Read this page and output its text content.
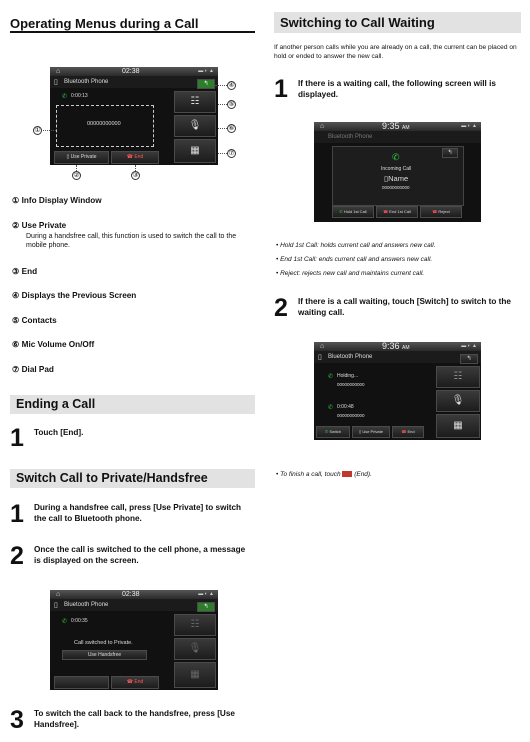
Operating Menus during a Call
⌂	02:38	▬ ◐ ▲
Bluetooth Phone
▯
✆ 0:00:13
00000000000
▯ Use Private	☎ End
↰
☷
🎙
▦
①
②	③
④
⑤
⑥
⑦
① Info Display Window
② Use Private
During a handsfree call, this function is used to switch the call to the mobile phone.
③ End
④ Displays the Previous Screen
⑤ Contacts
⑥ Mic Volume On/Off
⑦ Dial Pad
Ending a Call
1 Touch [End].
Switch Call to Private/Handsfree
1 During a handsfree call, press [Use Private] to switch the call to Bluetooth phone.
2 Once the call is switched to the cell phone, a message is displayed on the screen.
⌂	02:38	▬ ◐ ▲
Bluetooth Phone
▯
✆ 0:00:35
Call switched to Private.
Use Handsfree
☎ End
↰
☷
🎙
▦
3 To switch the call back to the handsfree, press [Use Handsfree].
Switching to Call Waiting
If another person calls while you are already on a call, the current can be placed on hold or ended to answer the new call.
1 If there is a waiting call, the following screen will is displayed.
⌂	9:35 AM	▬ ◐ ▲
Bluetooth Phone
↰
✆
Incoming Call
▯Name
00000000000
✆ Hold 1st Call	☎ End 1st Call	☎ Reject
• Hold 1st Call: holds current call and answers new call.
• End 1st Call: ends current call and answers new call.
• Reject: rejects new call and maintains current call.
2 If there is a call waiting, touch [Switch] to switch to the waiting call.
⌂	9:36 AM	▬ ◐ ▲
Bluetooth Phone
▯
✆ Holding...
00000000000
✆ 0:00:48
00000000000
✆ Switch	▯ Use Private	☎ End
↰
☷
🎙
▦
• To finish a call, touch (End).
